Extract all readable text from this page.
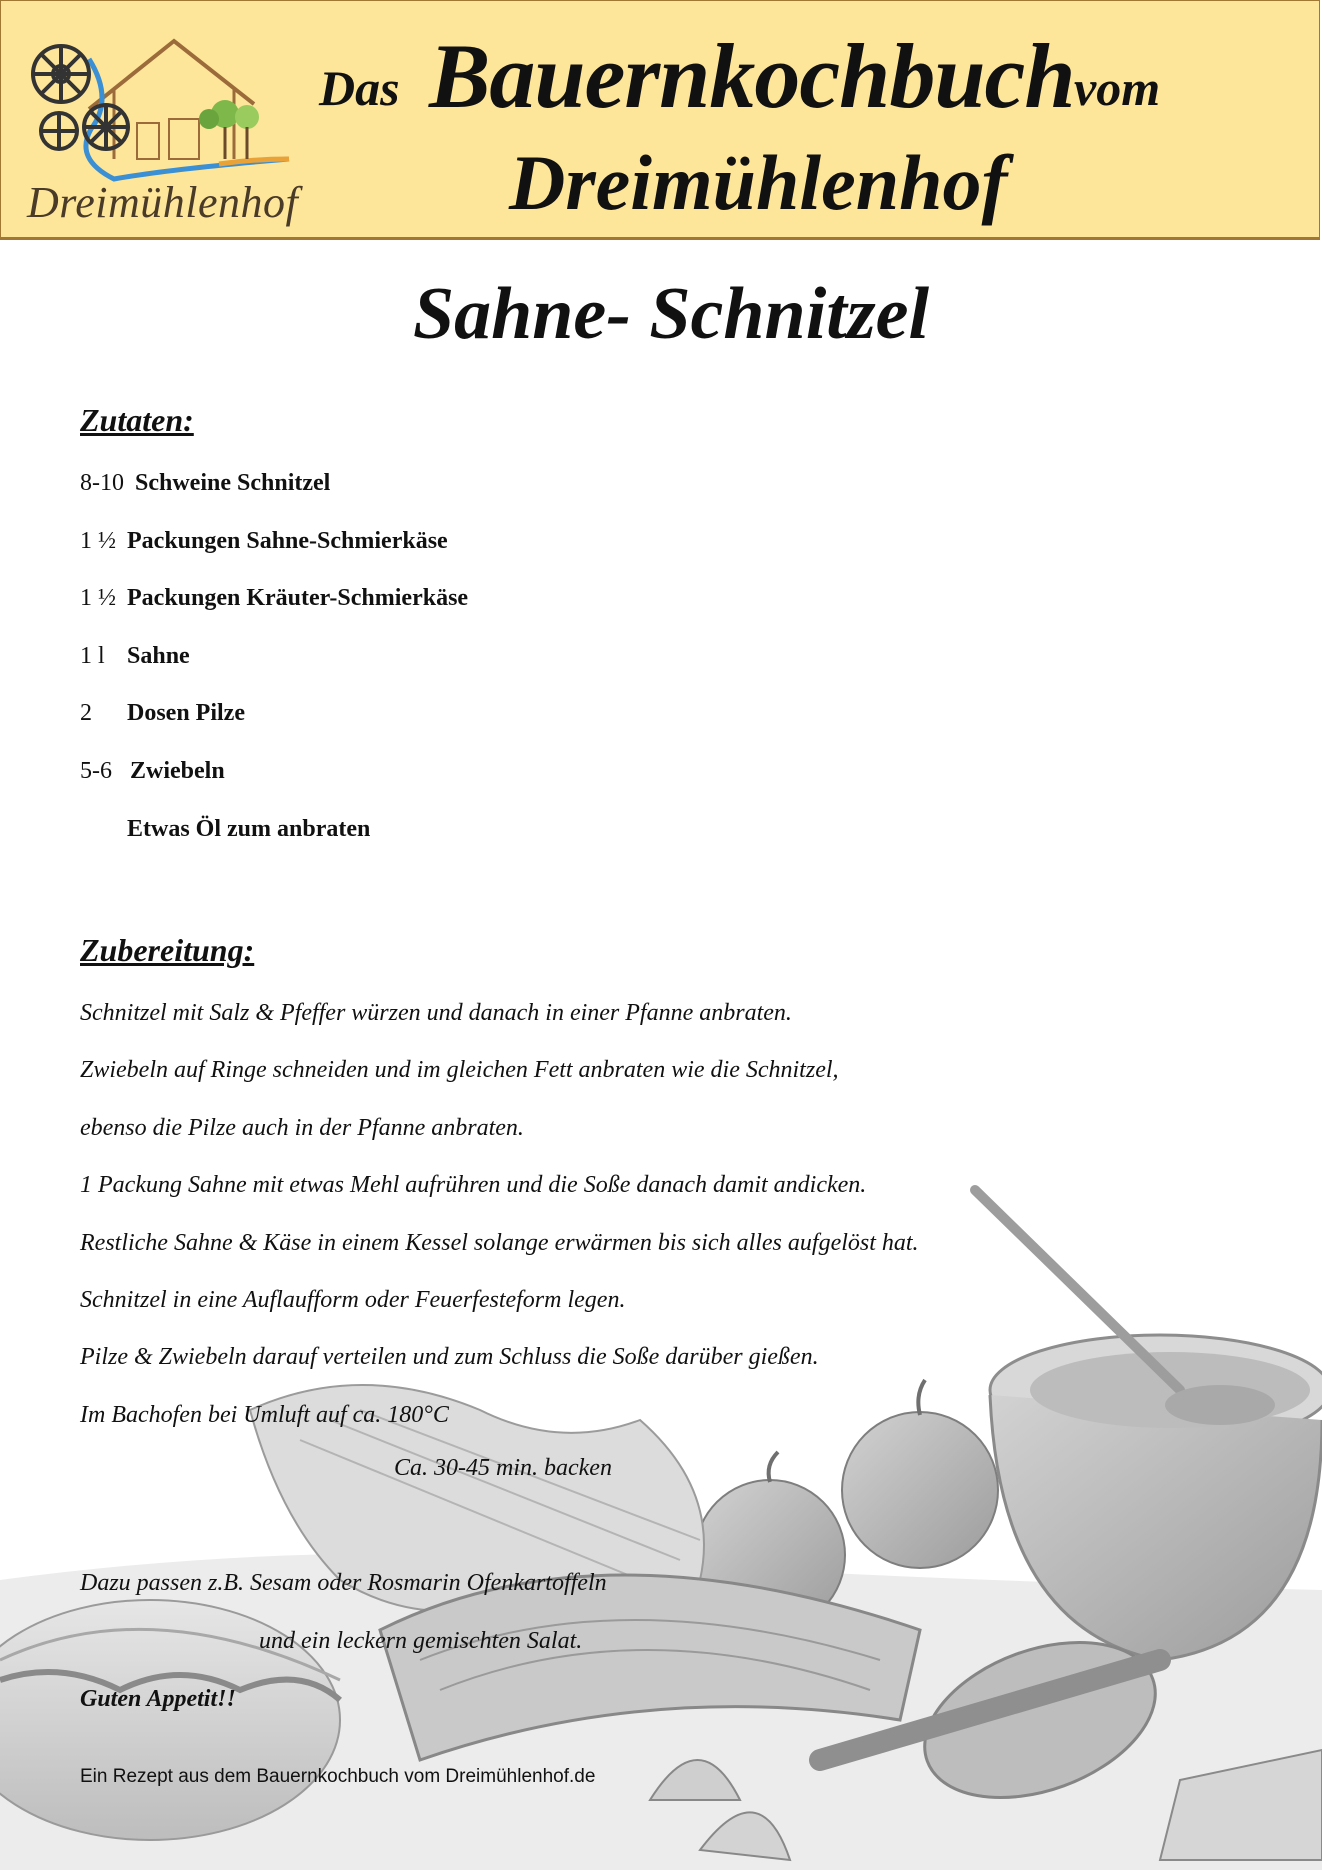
Dreimühlenhof
Das Bauernkochbuch vom
Dreimühlenhof
Sahne- Schnitzel
Zutaten:
8-10 Schweine Schnitzel
1 ½ Packungen Sahne-Schmierkäse
1 ½ Packungen Kräuter-Schmierkäse
1 l Sahne
2 Dosen Pilze
5-6 Zwiebeln
Etwas Öl zum anbraten
Zubereitung:
Schnitzel mit Salz & Pfeffer würzen und danach in einer Pfanne anbraten.
Zwiebeln auf Ringe schneiden und im gleichen Fett anbraten wie die Schnitzel,
ebenso die Pilze auch in der Pfanne anbraten.
1 Packung Sahne mit etwas Mehl aufrühren und die Soße danach damit andicken.
Restliche Sahne & Käse in einem Kessel solange erwärmen bis sich alles aufgelöst hat.
Schnitzel in eine Auflaufform oder Feuerfesteform legen.
Pilze & Zwiebeln darauf verteilen und zum Schluss die Soße darüber gießen.
Im Bachofen bei Umluft auf ca. 180°C
Ca. 30-45 min. backen
Dazu passen z.B. Sesam oder Rosmarin Ofenkartoffeln
und ein leckern gemischten Salat.
Guten Appetit!!
Ein Rezept aus dem Bauernkochbuch vom Dreimühlenhof.de
